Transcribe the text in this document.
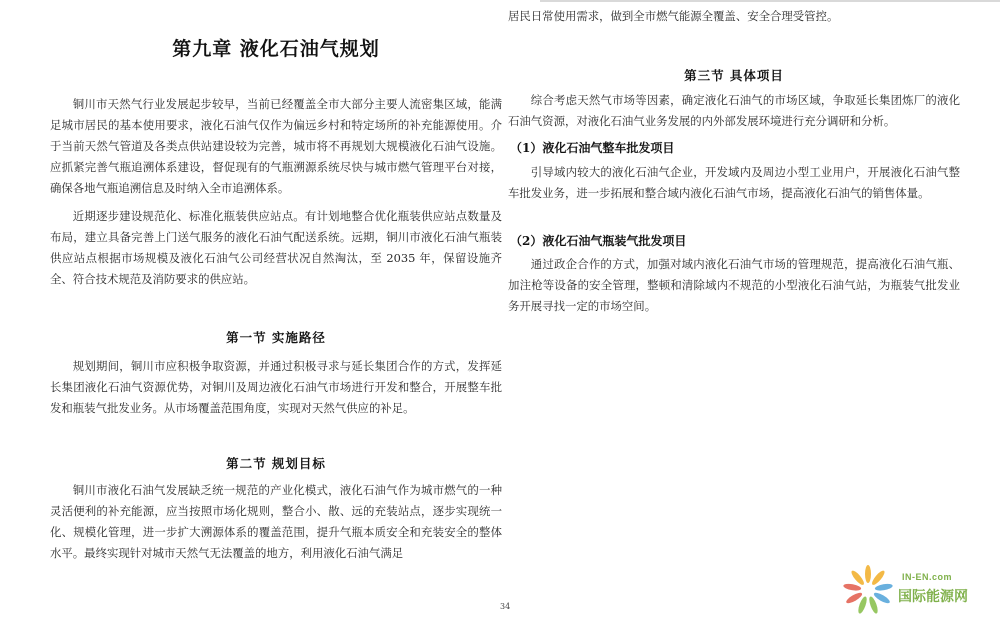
第九章 液化石油气规划

铜川市天然气行业发展起步较早，当前已经覆盖全市大部分主要人流密集区域，能满足城市居民的基本使用要求，液化石油气仅作为偏远乡村和特定场所的补充能源使用。介于当前天然气管道及各类点供站建设较为完善，城市将不再规划大规模液化石油气设施。应抓紧完善气瓶追溯体系建设，督促现有的气瓶溯源系统尽快与城市燃气管理平台对接，确保各地气瓶追溯信息及时纳入全市追溯体系。

近期逐步建设规范化、标准化瓶装供应站点。有计划地整合优化瓶装供应站点数量及布局，建立具备完善上门送气服务的液化石油气配送系统。远期，铜川市液化石油气瓶装供应站点根据市场规模及液化石油气公司经营状况自然淘汰，至 2035 年，保留设施齐全、符合技术规范及消防要求的供应站。

第一节 实施路径

规划期间，铜川市应积极争取资源，并通过积极寻求与延长集团合作的方式，发挥延长集团液化石油气资源优势，对铜川及周边液化石油气市场进行开发和整合，开展整车批发和瓶装气批发业务。从市场覆盖范围角度，实现对天然气供应的补足。

第二节 规划目标

铜川市液化石油气发展缺乏统一规范的产业化模式，液化石油气作为城市燃气的一种灵活便利的补充能源，应当按照市场化规则，整合小、散、远的充装站点，逐步实现统一化、规模化管理，进一步扩大溯源体系的覆盖范围，提升气瓶本质安全和充装安全的整体水平。最终实现针对城市天然气无法覆盖的地方，利用液化石油气满足

居民日常使用需求，做到全市燃气能源全覆盖、安全合理受管控。

第三节 具体项目

综合考虑天然气市场等因素，确定液化石油气的市场区域，争取延长集团炼厂的液化石油气资源，对液化石油气业务发展的内外部发展环境进行充分调研和分析。

（1）液化石油气整车批发项目

引导域内较大的液化石油气企业，开发域内及周边小型工业用户，开展液化石油气整车批发业务，进一步拓展和整合域内液化石油气市场，提高液化石油气的销售体量。

（2）液化石油气瓶装气批发项目

通过政企合作的方式，加强对域内液化石油气市场的管理规范，提高液化石油气瓶、加注枪等设备的安全管理，整顿和清除域内不规范的小型液化石油气站，为瓶装气批发业务开展寻找一定的市场空间。

34
IN-EN.com
国际能源网
